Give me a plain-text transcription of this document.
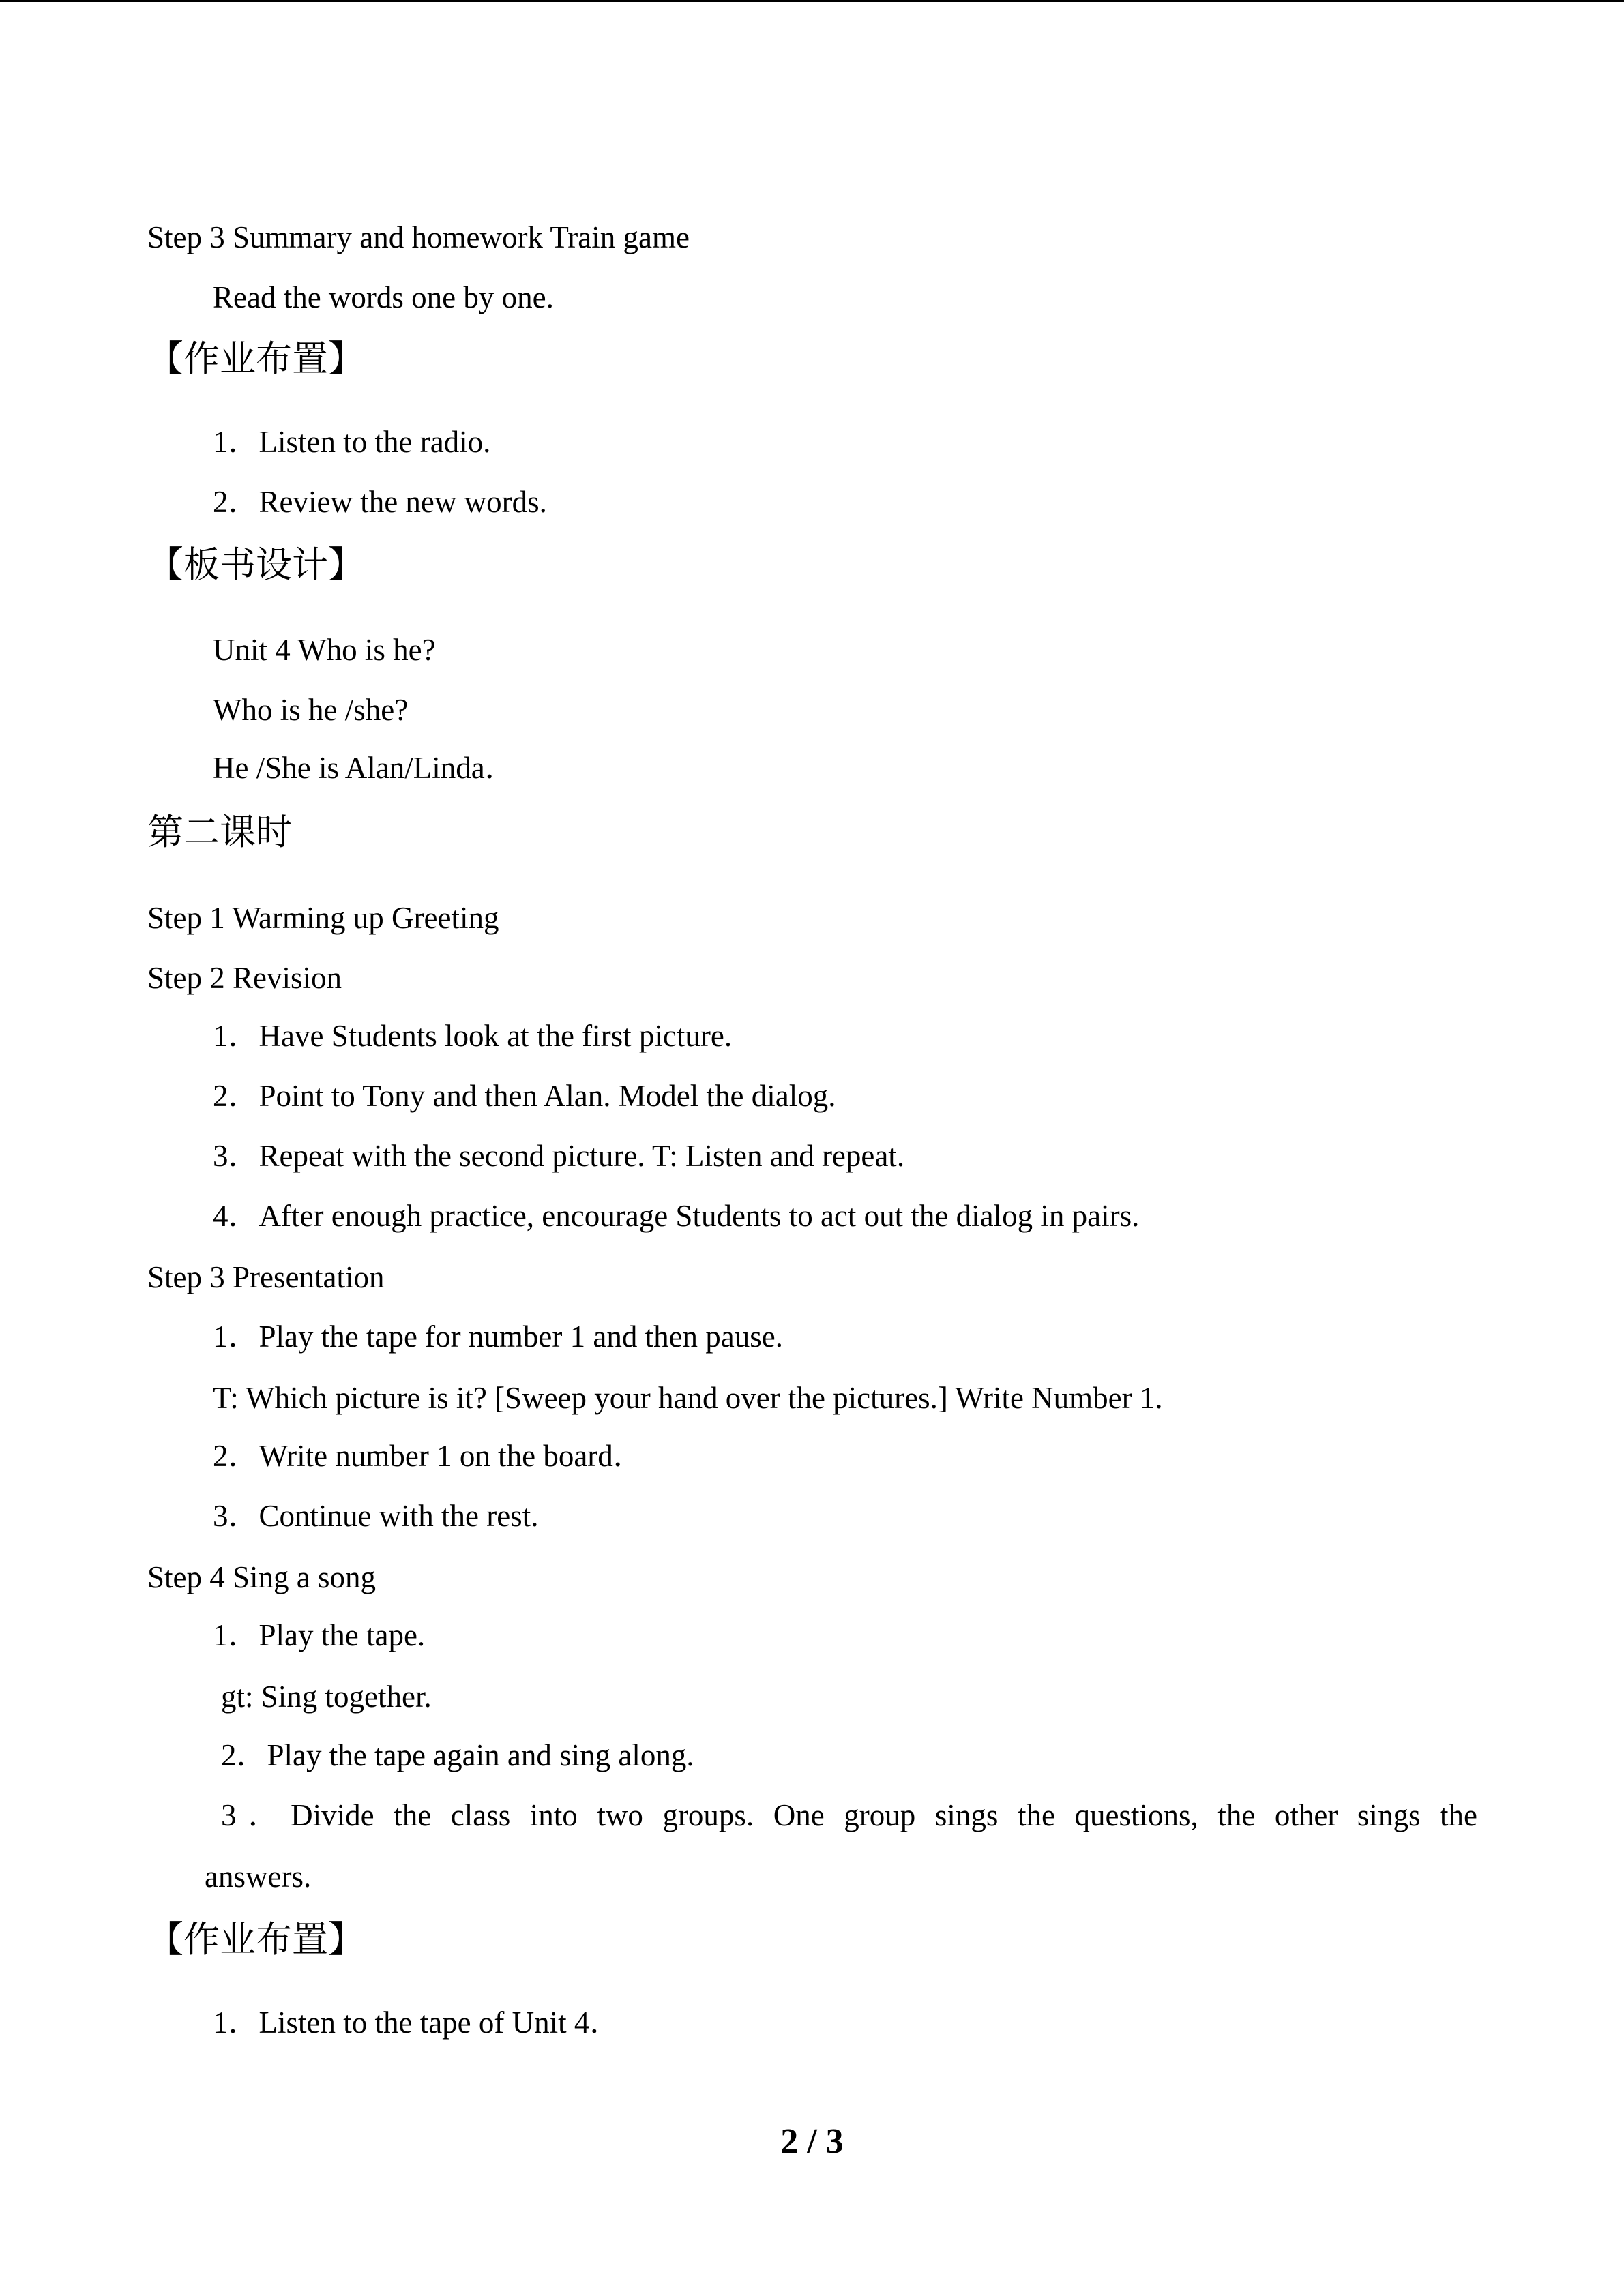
Step 3 Summary and homework Train game
Read the words one by one.
【作业布置】
1．Listen to the radio.
2．Review the new words.
【板书设计】
Unit 4 Who is he?
Who is he /she?
He /She is Alan/Linda．
第二课时
Step 1 Warming up Greeting
Step 2 Revision
1．Have Students look at the first picture.
2．Point to Tony and then Alan. Model the dialog.
3．Repeat with the second picture. T: Listen and repeat.
4．After enough practice, encourage Students to act out the dialog in pairs.
Step 3 Presentation
1．Play the tape for number 1 and then pause.
T: Which picture is it? [Sweep your hand over the pictures.] Write Number 1.
2．Write number 1 on the board．
3．Continue with the rest.
Step 4 Sing a song
1．Play the tape.
gt: Sing together.
2．Play the tape again and sing along.
3．Divide the class into two groups. One group sings the questions, the other sings the
answers.
【作业布置】
1．Listen to the tape of Unit 4．
2 / 3
